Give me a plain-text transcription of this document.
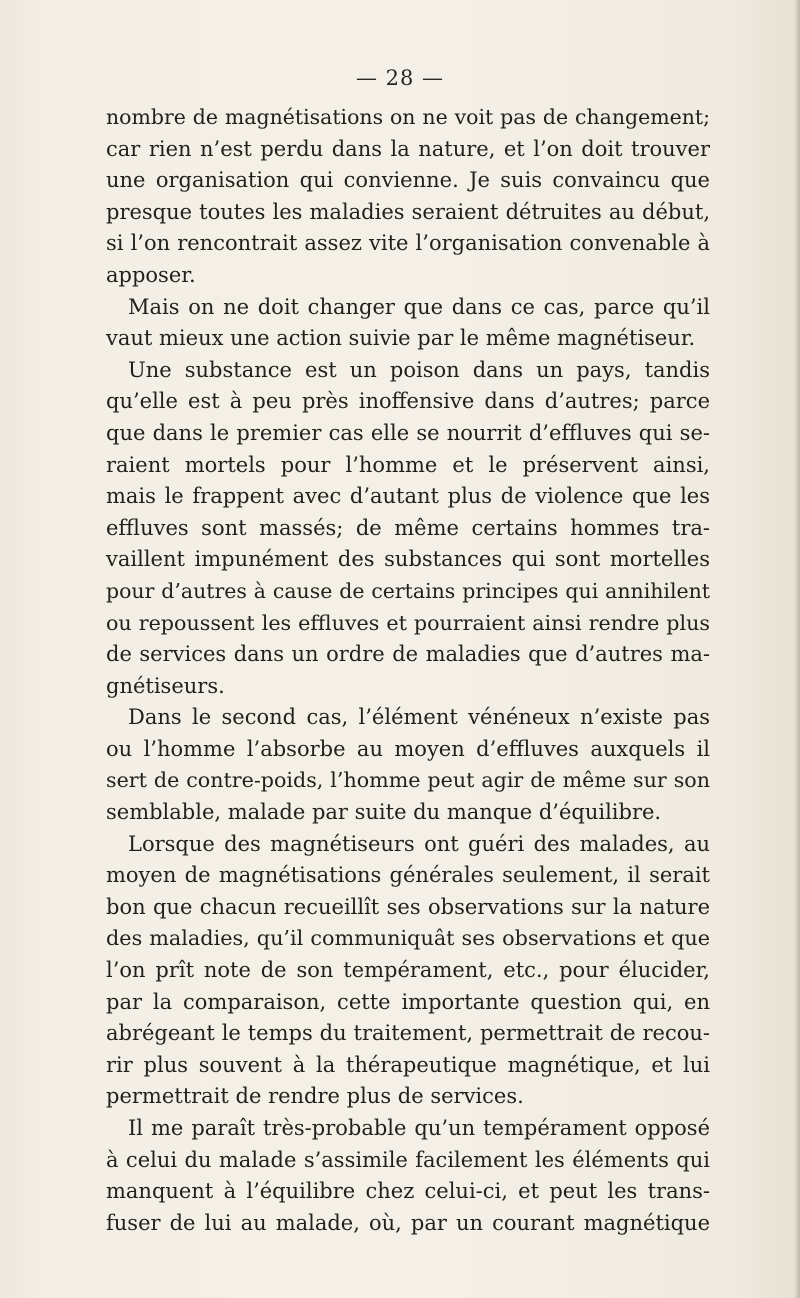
— 28 —
nombre de magnétisations on ne voit pas de changement;
car rien n’est perdu dans la nature, et l’on doit trouver
une organisation qui convienne. Je suis convaincu que
presque toutes les maladies seraient détruites au début,
si l’on rencontrait assez vite l’organisation convenable à
apposer.
Mais on ne doit changer que dans ce cas, parce qu’il
vaut mieux une action suivie par le même magnétiseur.
Une substance est un poison dans un pays, tandis
qu’elle est à peu près inoffensive dans d’autres; parce
que dans le premier cas elle se nourrit d’effluves qui se-
raient mortels pour l’homme et le préservent ainsi,
mais le frappent avec d’autant plus de violence que les
effluves sont massés; de même certains hommes tra-
vaillent impunément des substances qui sont mortelles
pour d’autres à cause de certains principes qui annihilent
ou repoussent les effluves et pourraient ainsi rendre plus
de services dans un ordre de maladies que d’autres ma-
gnétiseurs.
Dans le second cas, l’élément vénéneux n’existe pas
ou l’homme l’absorbe au moyen d’effluves auxquels il
sert de contre-poids, l’homme peut agir de même sur son
semblable, malade par suite du manque d’équilibre.
Lorsque des magnétiseurs ont guéri des malades, au
moyen de magnétisations générales seulement, il serait
bon que chacun recueillît ses observations sur la nature
des maladies, qu’il communiquât ses observations et que
l’on prît note de son tempérament, etc., pour élucider,
par la comparaison, cette importante question qui, en
abrégeant le temps du traitement, permettrait de recou-
rir plus souvent à la thérapeutique magnétique, et lui
permettrait de rendre plus de services.
Il me paraît très-probable qu’un tempérament opposé
à celui du malade s’assimile facilement les éléments qui
manquent à l’équilibre chez celui-ci, et peut les trans-
fuser de lui au malade, où, par un courant magnétique
